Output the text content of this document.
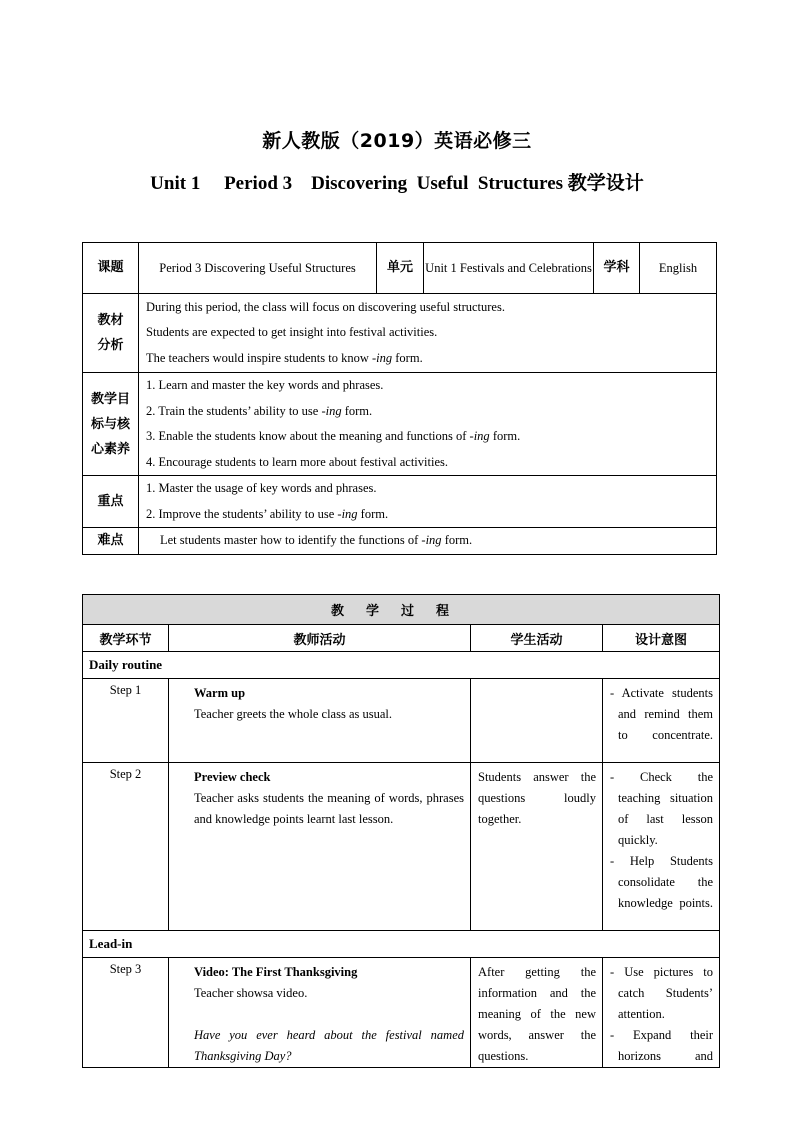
新人教版（2019）英语必修三
Unit 1     Period 3    Discovering  Useful  Structures 教学设计
课题	Period 3 Discovering Useful Structures	单元	Unit 1 Festivals and Celebrations	学科	English
教材分析	During this period, the class will focus on discovering useful structures.
Students are expected to get insight into festival activities.
The teachers would inspire students to know -ing form.				

教学目标与核心素养	1. Learn and master the key words and phrases.
2. Train the students’ ability to use -ing form.
3. Enable the students know about the meaning and functions of -ing form.
4. Encourage students to learn more about festival activities.				

重点	1. Master the usage of key words and phrases.
2. Improve the students’ ability to use -ing form.				

难点	Let students master how to identify the functions of -ing form.				
教学过程			
教学环节	教师活动	学生活动	设计意图
Daily routine			
Step 1	Warm up
Teacher greets the whole class as usual.		- Activate students and remind them to concentrate.

Step 2	Preview check
Teacher asks students the meaning of words, phrases and knowledge points learnt last lesson.	Students answer the questions loudly together.	- Check the teaching situation of last lesson quickly.
- Help Students consolidate the knowledge points.

Lead-in			
Step 3	Video: The First Thanksgiving
Teacher showsa video.
Have you ever heard about the festival named Thanksgiving Day?	After getting the information and the meaning of the new words, answer the questions.	- Use pictures to catch Students’ attention.
- Expand their horizons and
